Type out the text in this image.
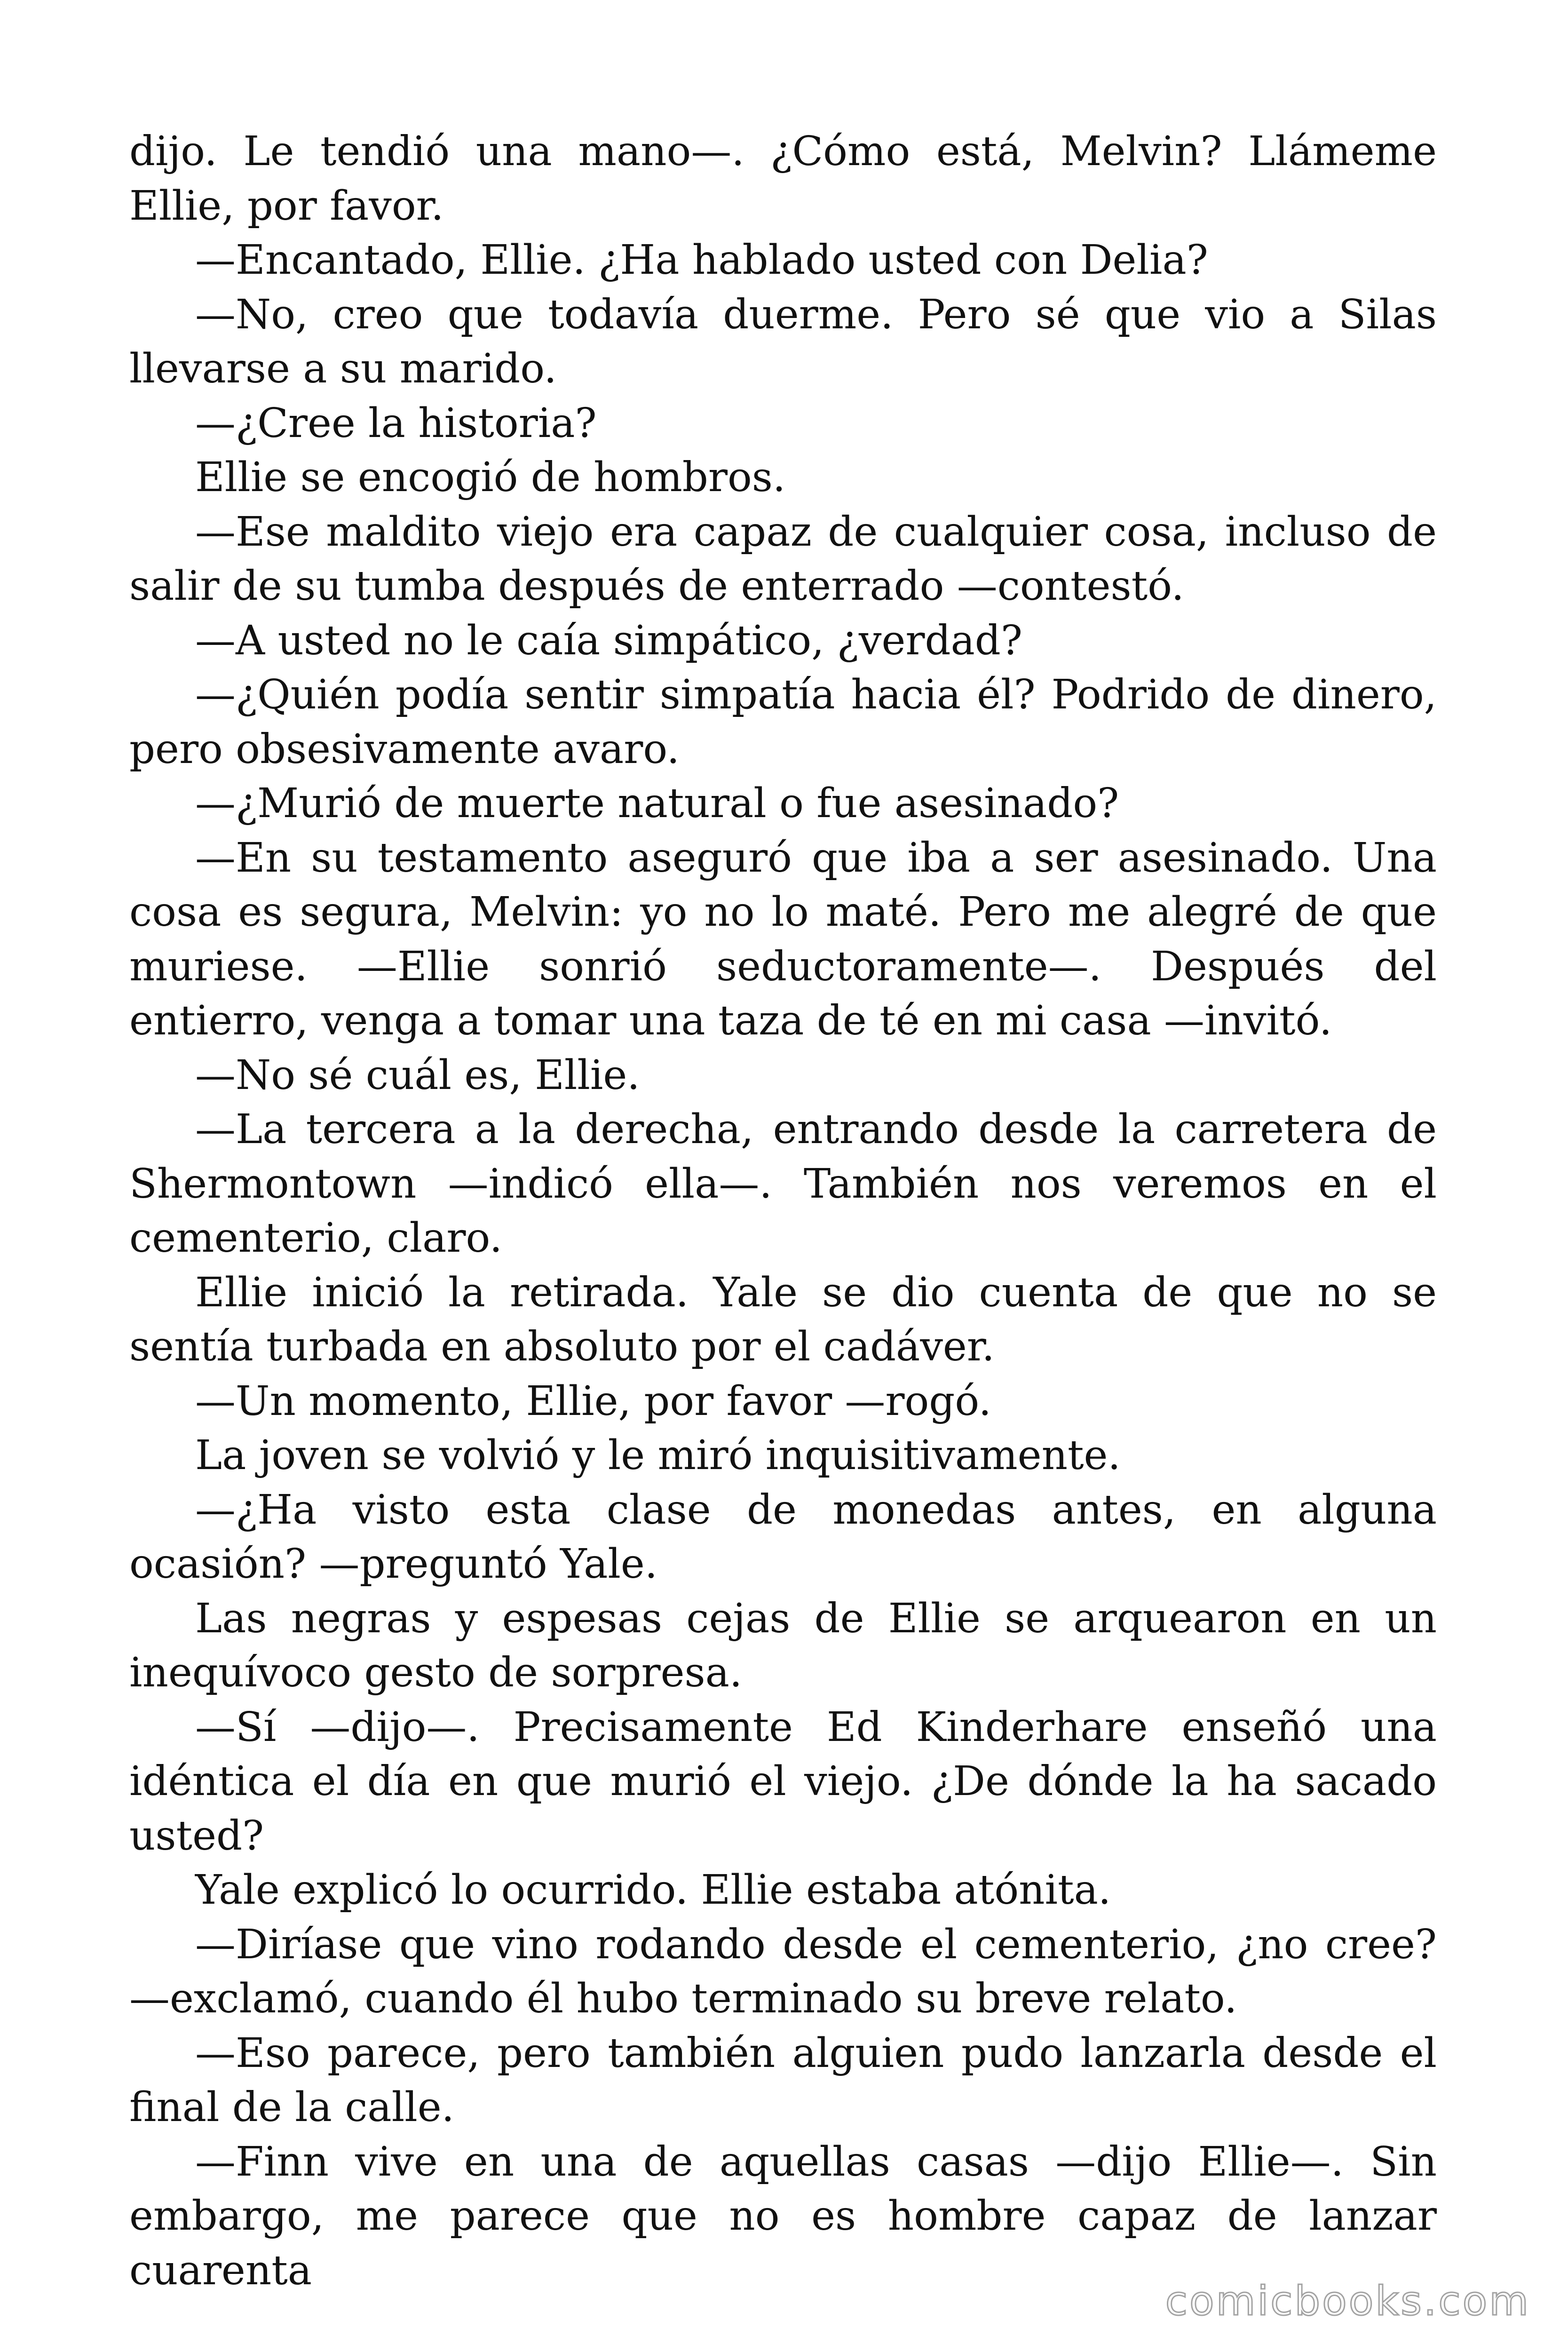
dijo. Le tendió una mano—. ¿Cómo está, Melvin? Llámeme Ellie, por favor.

—Encantado, Ellie. ¿Ha hablado usted con Delia?

—No, creo que todavía duerme. Pero sé que vio a Silas llevarse a su marido.

—¿Cree la historia?

Ellie se encogió de hombros.

—Ese maldito viejo era capaz de cualquier cosa, incluso de salir de su tumba después de enterrado —contestó.

—A usted no le caía simpático, ¿verdad?

—¿Quién podía sentir simpatía hacia él? Podrido de dinero, pero obsesivamente avaro.

—¿Murió de muerte natural o fue asesinado?

—En su testamento aseguró que iba a ser asesinado. Una cosa es segura, Melvin: yo no lo maté. Pero me alegré de que muriese. —Ellie sonrió seductoramente—. Después del entierro, venga a tomar una taza de té en mi casa —invitó.

—No sé cuál es, Ellie.

—La tercera a la derecha, entrando desde la carretera de Shermontown —indicó ella—. También nos veremos en el cementerio, claro.

Ellie inició la retirada. Yale se dio cuenta de que no se sentía turbada en absoluto por el cadáver.

—Un momento, Ellie, por favor —rogó.

La joven se volvió y le miró inquisitivamente.

—¿Ha visto esta clase de monedas antes, en alguna ocasión? —preguntó Yale.

Las negras y espesas cejas de Ellie se arquearon en un inequívoco gesto de sorpresa.

—Sí —dijo—. Precisamente Ed Kinderhare enseñó una idéntica el día en que murió el viejo. ¿De dónde la ha sacado usted?

Yale explicó lo ocurrido. Ellie estaba atónita.

—Diríase que vino rodando desde el cementerio, ¿no cree? —exclamó, cuando él hubo terminado su breve relato.

—Eso parece, pero también alguien pudo lanzarla desde el final de la calle.

—Finn vive en una de aquellas casas —dijo Ellie—. Sin embargo, me parece que no es hombre capaz de lanzar cuarenta

comicbooks.com
